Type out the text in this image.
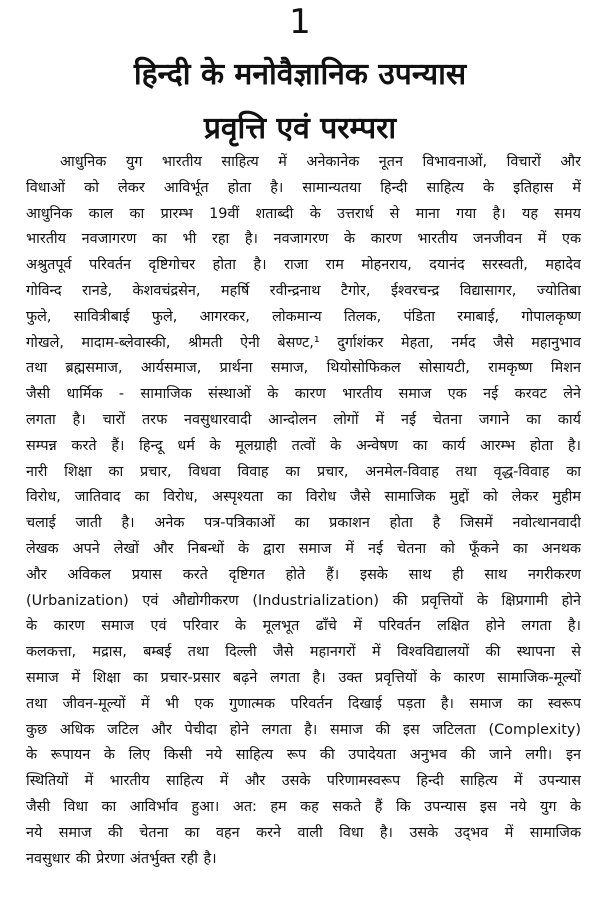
1
हिन्दी के मनोवैज्ञानिक उपन्यास
प्रवृत्ति एवं परम्परा
आधुनिक युग भारतीय साहित्य में अनेकानेक नूतन विभावनाओं, विचारों और
विधाओं को लेकर आविर्भूत होता है। सामान्यतया हिन्दी साहित्य के इतिहास में
आधुनिक काल का प्रारम्भ 19वीं शताब्दी के उत्तरार्ध से माना गया है। यह समय
भारतीय नवजागरण का भी रहा है। नवजागरण के कारण भारतीय जनजीवन में एक
अश्रुतपूर्व परिवर्तन दृष्टिगोचर होता है। राजा राम मोहनराय, दयानंद सरस्वती, महादेव
गोविन्द रानडे, केशवचंद्रसेन, महर्षि रवीन्द्रनाथ टैगोर, ईश्वरचन्द्र विद्यासागर, ज्योतिबा
फुले, सावित्रीबाई फुले, आगरकर, लोकमान्य तिलक, पंडिता रमाबाई, गोपालकृष्ण
गोखले, मादाम-ब्लेवास्की, श्रीमती ऐनी बेसण्ट,¹ दुर्गाशंकर मेहता, नर्मद जैसे महानुभाव
तथा ब्रह्मसमाज, आर्यसमाज, प्रार्थना समाज, थियोसोफिकल सोसायटी, रामकृष्ण मिशन
जैसी धार्मिक - सामाजिक संस्थाओं के कारण भारतीय समाज एक नई करवट लेने
लगता है। चारों तरफ नवसुधारवादी आन्दोलन लोगों में नई चेतना जगाने का कार्य
सम्पन्न करते हैं। हिन्दू धर्म के मूलग्राही तत्वों के अन्वेषण का कार्य आरम्भ होता है।
नारी शिक्षा का प्रचार, विधवा विवाह का प्रचार, अनमेल-विवाह तथा वृद्ध-विवाह का
विरोध, जातिवाद का विरोध, अस्पृश्यता का विरोध जैसे सामाजिक मुद्दों को लेकर मुहीम
चलाई जाती है। अनेक पत्र-पत्रिकाओं का प्रकाशन होता है जिसमें नवोत्थानवादी
लेखक अपने लेखों और निबन्धों के द्वारा समाज में नई चेतना को फूँकने का अनथक
और अविकल प्रयास करते दृष्टिगत होते हैं। इसके साथ ही साथ नगरीकरण
(Urbanization) एवं औद्योगीकरण (Industrialization) की प्रवृत्तियों के क्षिप्रगामी होने
के कारण समाज एवं परिवार के मूलभूत ढाँचे में परिवर्तन लक्षित होने लगता है।
कलकत्ता, मद्रास, बम्बई तथा दिल्ली जैसे महानगरों में विश्वविद्यालयों की स्थापना से
समाज में शिक्षा का प्रचार-प्रसार बढ़ने लगता है। उक्त प्रवृत्तियों के कारण सामाजिक-मूल्यों
तथा जीवन-मूल्यों में भी एक गुणात्मक परिवर्तन दिखाई पड़ता है। समाज का स्वरूप
कुछ अधिक जटिल और पेचीदा होने लगता है। समाज की इस जटिलता (Complexity)
के रूपायन के लिए किसी नये साहित्य रूप की उपादेयता अनुभव की जाने लगी। इन
स्थितियों में भारतीय साहित्य में और उसके परिणामस्वरूप हिन्दी साहित्य में उपन्यास
जैसी विधा का आविर्भाव हुआ। अत: हम कह सकते हैं कि उपन्यास इस नये युग के
नये समाज की चेतना का वहन करने वाली विधा है। उसके उद्‌भव में सामाजिक
नवसुधार की प्रेरणा अंतर्भुक्त रही है।
